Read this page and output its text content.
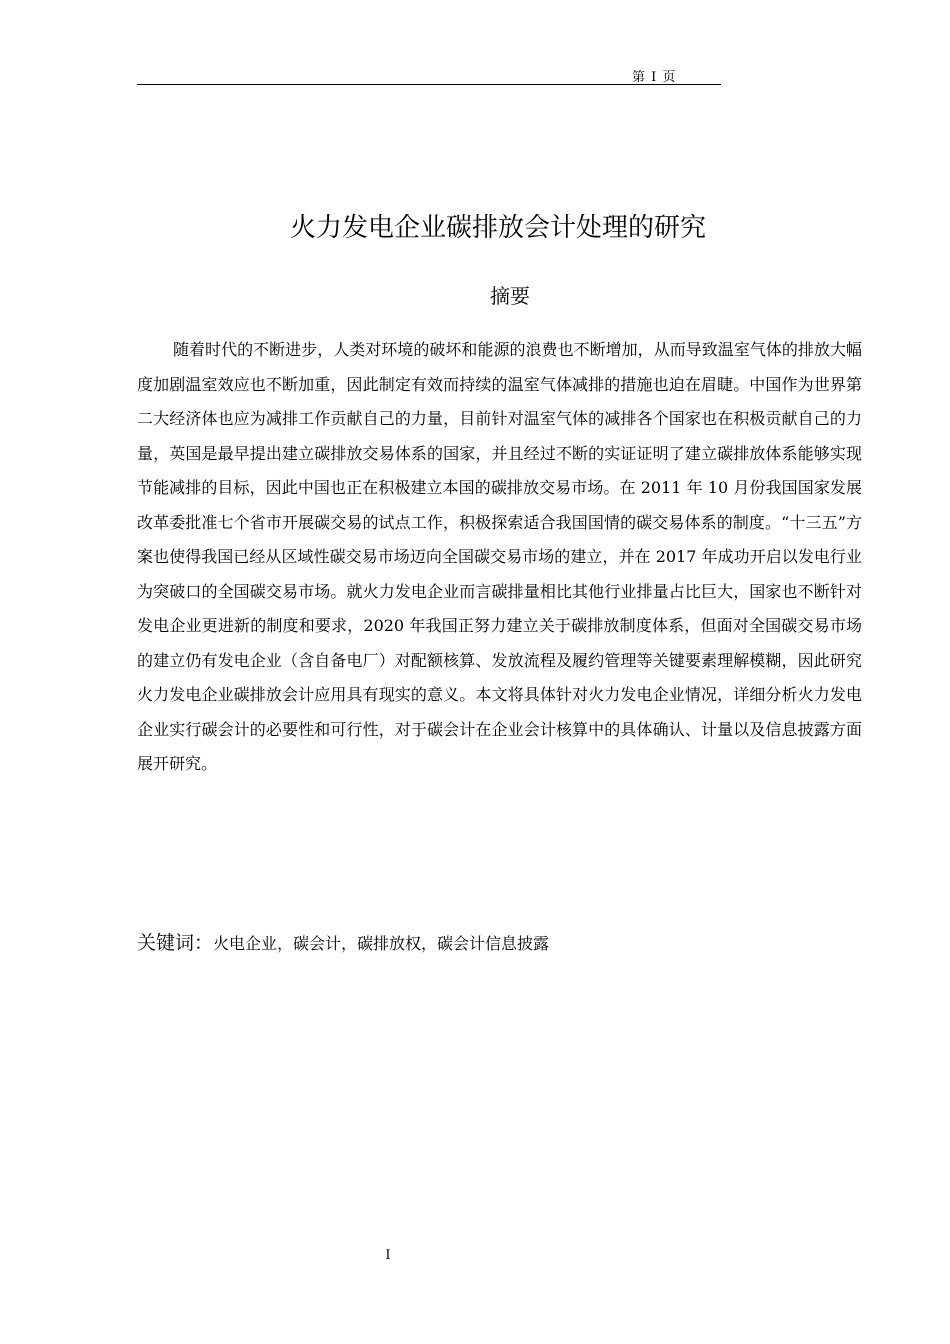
第 I 页
火力发电企业碳排放会计处理的研究
摘要

随着时代的不断进步，人类对环境的破坏和能源的浪费也不断增加，从而导致温室气体的排放大幅度加剧温室效应也不断加重，因此制定有效而持续的温室气体减排的措施也迫在眉睫。中国作为世界第二大经济体也应为减排工作贡献自己的力量，目前针对温室气体的减排各个国家也在积极贡献自己的力量，英国是最早提出建立碳排放交易体系的国家，并且经过不断的实证证明了建立碳排放体系能够实现节能减排的目标，因此中国也正在积极建立本国的碳排放交易市场。在 2011 年 10 月份我国国家发展改革委批准七个省市开展碳交易的试点工作，积极探索适合我国国情的碳交易体系的制度。“十三五”方案也使得我国已经从区域性碳交易市场迈向全国碳交易市场的建立，并在 2017 年成功开启以发电行业为突破口的全国碳交易市场。就火力发电企业而言碳排量相比其他行业排量占比巨大，国家也不断针对发电企业更进新的制度和要求，2020 年我国正努力建立关于碳排放制度体系，但面对全国碳交易市场的建立仍有发电企业（含自备电厂）对配额核算、发放流程及履约管理等关键要素理解模糊，因此研究火力发电企业碳排放会计应用具有现实的意义。本文将具体针对火力发电企业情况，详细分析火力发电企业实行碳会计的必要性和可行性，对于碳会计在企业会计核算中的具体确认、计量以及信息披露方面展开研究。

关键词：火电企业，碳会计，碳排放权，碳会计信息披露
I
